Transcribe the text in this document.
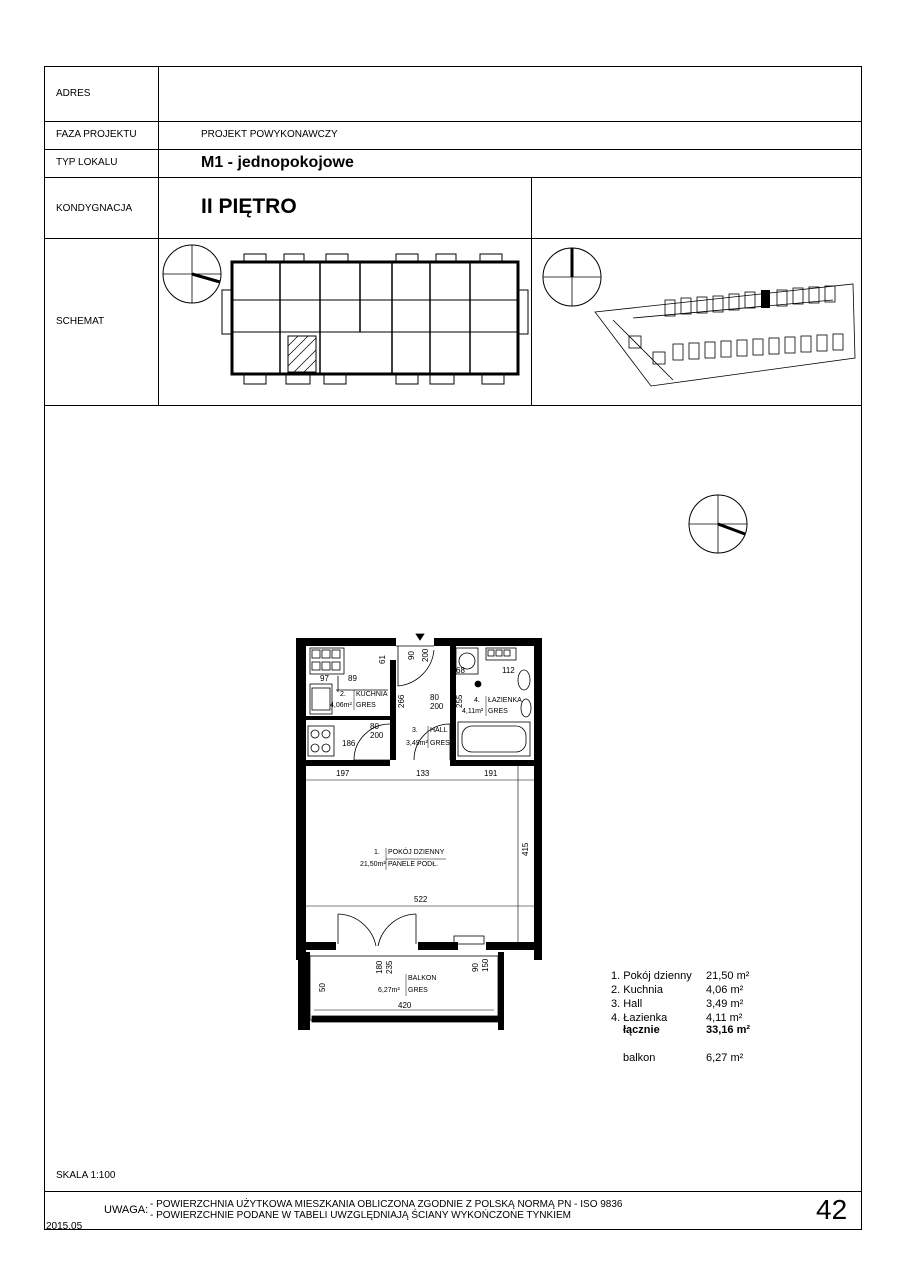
ADRES
FAZA PROJEKTU	PROJEKT POWYKONAWCZY
TYP LOKALU	M1 - jednopokojowe
KONDYGNACJA	II PIĘTRO
SCHEMAT
61
97 89
90 200
68	112
80
200
266	255
80
200
186
197	133	191
415
522
180 235	90 150
50
420
2. KUCHNIA
4,06m² GRES
3. HALL
3,49m² GRES
4. ŁAZIENKA
4,11m² GRES
1. POKÓJ DZIENNY
21,50m² PANELE PODŁ.
BALKON
6,27m² GRES
1. Pokój dzienny 21,50 m²
2. Kuchnia	4,06 m²
3. Hall	3,49 m²
4. Łazienka	4,11 m²
łącznie	33,16 m²
balkon	6,27 m²
SKALA 1:100
UWAGA: - POWIERZCHNIA UŻYTKOWA MIESZKANIA OBLICZONA ZGODNIE Z POLSKĄ NORMĄ PN - ISO 9836
- POWIERZCHNIE PODANE W TABELI UWZGLĘDNIAJĄ ŚCIANY WYKOŃCZONE TYNKIEM
2015.05
42
